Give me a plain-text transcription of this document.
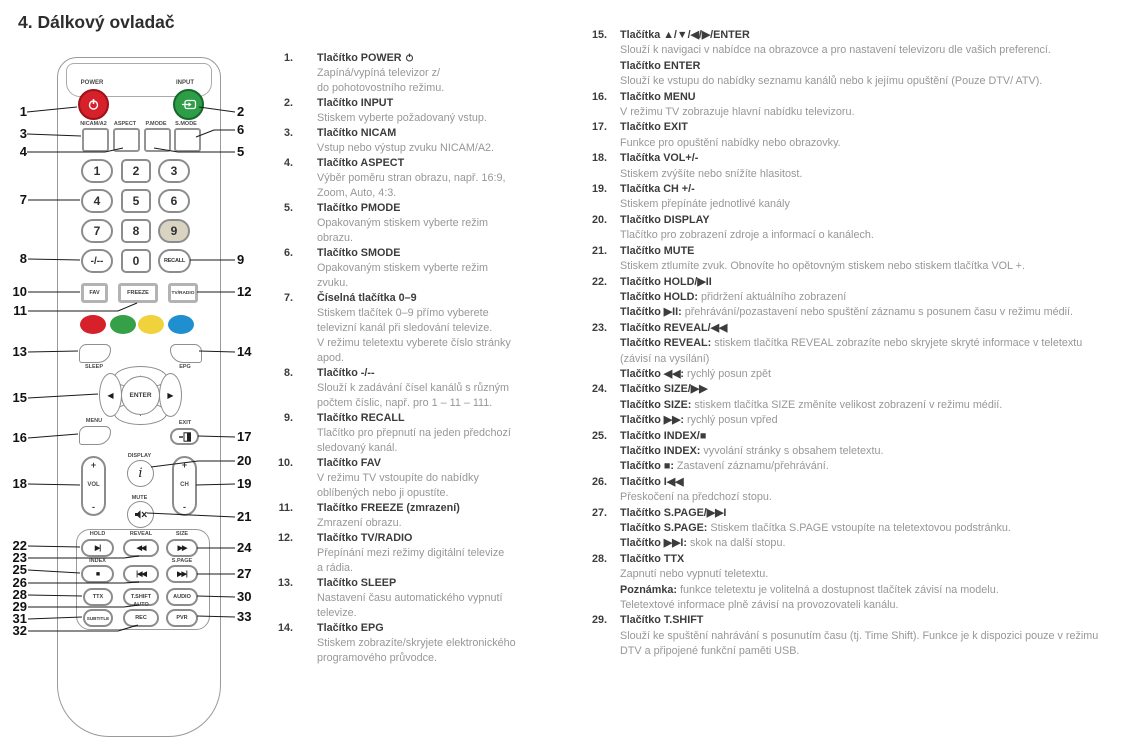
4. Dálkový ovladač
POWER	INPUT
NICAM/A2	ASPECT	P.MODE	S.MODE
1	2	3
4	5	6
7	8	9
-/--	0	RECALL
FAV	FREEZE	TV/RADIO
SLEEP	EPG
◀	▶
ENTER
MENU	EXIT
+
VOL
-
+
CH
-
DISPLAY
i
MUTE
HOLD	REVEAL	SIZE
▶|	◀◀	▶▶
INDEX	S.PAGE
■	|◀◀	▶▶|
TTX	T.SHIFT	AUDIO
AUTO
SUBTITLE	REC	PVR
1
3
4
7
8
10
11
13
15
16
18
22
23
25
26
28
29
31
32
2
6
5
9
12
14
17
20
19
21
24
27
30
33
1.	Tlačítko POWER
Zapíná/vypíná televizor z/
do pohotovostního režimu.
2.	Tlačítko INPUT
Stiskem vyberte požadovaný vstup.
3.	Tlačítko NICAM
Vstup nebo výstup zvuku NICAM/A2.
4.	Tlačítko ASPECT
Výběr poměru stran obrazu, např. 16:9,
Zoom, Auto, 4:3.
5.	Tlačítko PMODE
Opakovaným stiskem vyberte režim
obrazu.
6.	Tlačítko SMODE
Opakovaným stiskem vyberte režim
zvuku.
7.	Číselná tlačítka 0–9
Stiskem tlačítek 0–9 přímo vyberete
televizní kanál při sledování televize.
V režimu teletextu vyberete číslo stránky
apod.
8.	Tlačítko -/--
Slouží k zadávání čísel kanálů s různým
počtem číslic, např. pro 1 – 11 – 111.
9.	Tlačítko RECALL
Tlačítko pro přepnutí na jeden předchozí
sledovaný kanál.
10.	Tlačítko FAV
V režimu TV vstoupíte do nabídky
oblíbených nebo ji opustíte.
11.	Tlačítko FREEZE (zmrazení)
Zmrazení obrazu.
12.	Tlačítko TV/RADIO
Přepínání mezi režimy digitální televize
a rádia.
13.	Tlačítko SLEEP
Nastavení času automatického vypnutí
televize.
14.	Tlačítko EPG
Stiskem zobrazíte/skryjete elektronického
programového průvodce.
15.	Tlačítka ▲/▼/◀/▶/ENTER
Slouží k navigaci v nabídce na obrazovce a pro nastavení televizoru dle vašich preferencí.
Tlačítko ENTER
Slouží ke vstupu do nabídky seznamu kanálů nebo k jejímu opuštění (Pouze DTV/ ATV).
16.	Tlačítko MENU
V režimu TV zobrazuje hlavní nabídku televizoru.
17.	Tlačítko EXIT
Funkce pro opuštění nabídky nebo obrazovky.
18.	Tlačítka VOL+/-
Stiskem zvýšíte nebo snížíte hlasitost.
19.	Tlačítka CH +/-
Stiskem přepínáte jednotlivé kanály
20.	Tlačítko DISPLAY
Tlačítko pro zobrazení zdroje a informací o kanálech.
21.	Tlačítko MUTE
Stiskem ztlumíte zvuk. Obnovíte ho opětovným stiskem nebo stiskem tlačítka VOL +.
22.	Tlačítko HOLD/▶II
Tlačítko HOLD: přidržení aktuálního zobrazení
Tlačítko ▶II: přehrávání/pozastavení nebo spuštění záznamu s posunem času v režimu médií.
23.	Tlačítko REVEAL/◀◀
Tlačítko REVEAL: stiskem tlačítka REVEAL zobrazíte nebo skryjete skryté informace v teletextu (závisí na vysílání)
Tlačítko ◀◀: rychlý posun zpět
24.	Tlačítko SIZE/▶▶
Tlačítko SIZE: stiskem tlačítka SIZE změníte velikost zobrazení v režimu médií.
Tlačítko ▶▶: rychlý posun vpřed
25.	Tlačítko INDEX/■
Tlačítko INDEX: vyvolání stránky s obsahem teletextu.
Tlačítko ■: Zastavení záznamu/přehrávání.
26.	Tlačítko I◀◀
Přeskočení na předchozí stopu.
27.	Tlačítko S.PAGE/▶▶I
Tlačítko S.PAGE: Stiskem tlačítka S.PAGE vstoupíte na teletextovou podstránku.
Tlačítko ▶▶I: skok na další stopu.
28.	Tlačítko TTX
Zapnutí nebo vypnutí teletextu.
Poznámka: funkce teletextu je volitelná a dostupnost tlačítek závisí na modelu.
Teletextové informace plně závisí na provozovateli kanálu.
29.	Tlačítko T.SHIFT
Slouží ke spuštění nahrávání s posunutím času (tj. Time Shift). Funkce je k dispozici pouze v režimu DTV a připojené funkční paměti USB.
